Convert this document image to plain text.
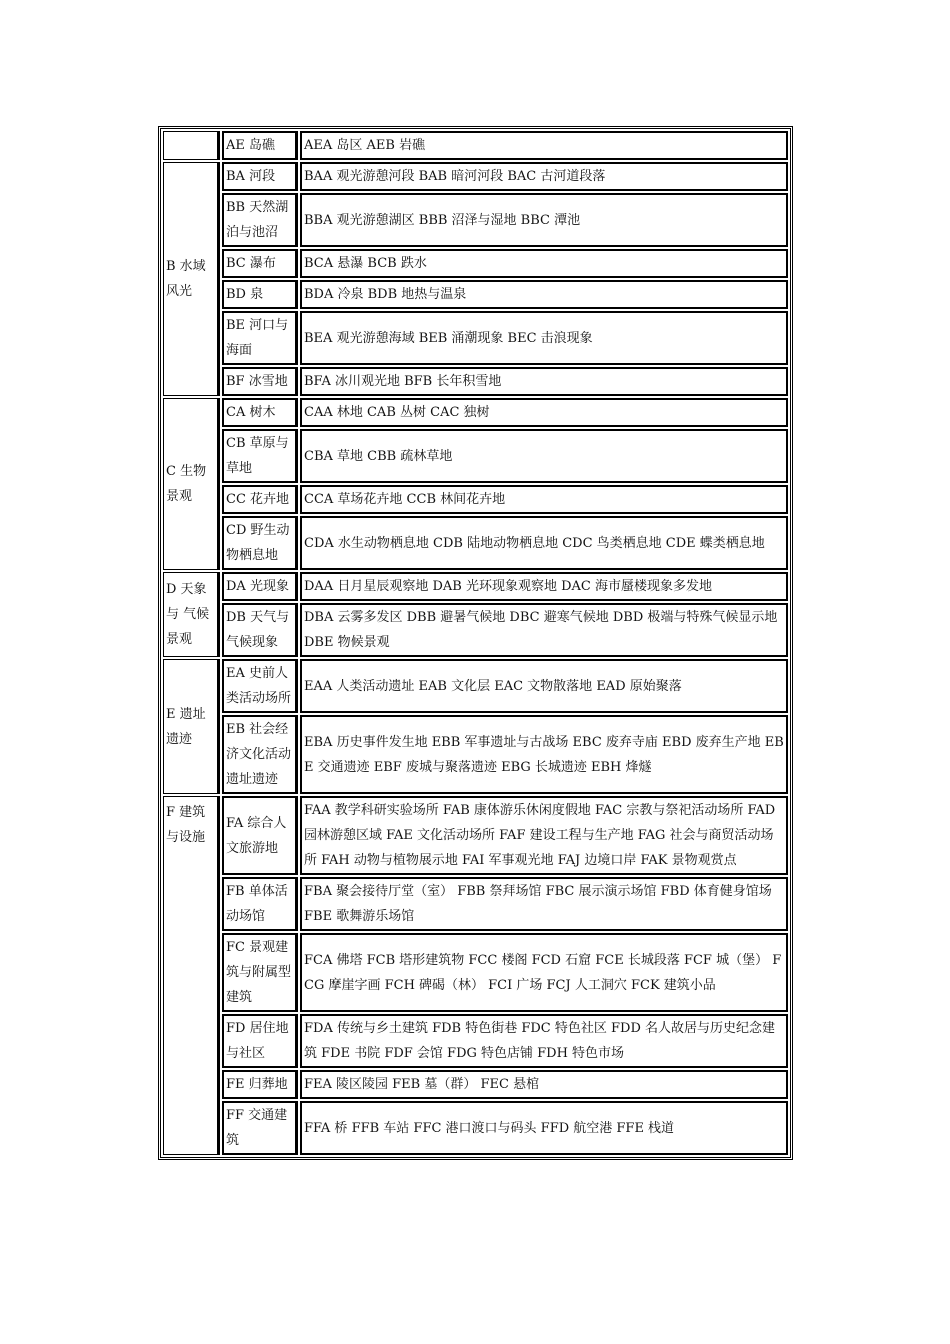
	AE 岛礁	AEA 岛区 AEB 岩礁
B 水域风光	BA 河段	BAA 观光游憩河段 BAB 暗河河段 BAC 古河道段落
	BB 天然湖泊与池沼	BBA 观光游憩湖区 BBB 沼泽与湿地 BBC 潭池
	BC 瀑布	BCA 悬瀑 BCB 跌水
	BD 泉	BDA 冷泉 BDB 地热与温泉
	BE 河口与海面	BEA 观光游憩海域 BEB 涌潮现象 BEC 击浪现象
	BF 冰雪地	BFA 冰川观光地 BFB 长年积雪地
C 生物景观	CA 树木	CAA 林地 CAB 丛树 CAC 独树
	CB 草原与草地	CBA 草地 CBB 疏林草地
	CC 花卉地	CCA 草场花卉地 CCB 林间花卉地
	CD 野生动物栖息地	CDA 水生动物栖息地 CDB 陆地动物栖息地 CDC 鸟类栖息地 CDE 蝶类栖息地
D 天象与 气候景观	DA 光现象	DAA 日月星辰观察地 DAB 光环现象观察地 DAC 海市蜃楼现象多发地
	DB 天气与气候现象	DBA 云雾多发区 DBB 避暑气候地 DBC 避寒气候地 DBD 极端与特殊气候显示地 DBE 物候景观
E 遗址遗迹	EA 史前人类活动场所	EAA 人类活动遗址 EAB 文化层 EAC 文物散落地 EAD 原始聚落
	EB 社会经济文化活动遗址遗迹	EBA 历史事件发生地 EBB 军事遗址与古战场 EBC 废弃寺庙 EBD 废弃生产地 EBE 交通遗迹 EBF 废城与聚落遗迹 EBG 长城遗迹 EBH 烽燧
F 建筑与设施	FA 综合人文旅游地	FAA 教学科研实验场所 FAB 康体游乐休闲度假地 FAC 宗教与祭祀活动场所 FAD 园林游憩区域 FAE 文化活动场所 FAF 建设工程与生产地 FAG 社会与商贸活动场所 FAH 动物与植物展示地 FAI 军事观光地 FAJ 边境口岸 FAK 景物观赏点
	FB 单体活动场馆	FBA 聚会接待厅堂（室） FBB 祭拜场馆 FBC 展示演示场馆 FBD 体育健身馆场 FBE 歌舞游乐场馆
	FC 景观建筑与附属型建筑	FCA 佛塔 FCB 塔形建筑物 FCC 楼阁 FCD 石窟 FCE 长城段落 FCF 城（堡） FCG 摩崖字画 FCH 碑碣（林） FCI 广场 FCJ 人工洞穴 FCK 建筑小品
	FD 居住地与社区	FDA 传统与乡土建筑 FDB 特色街巷 FDC 特色社区 FDD 名人故居与历史纪念建筑 FDE 书院 FDF 会馆 FDG 特色店铺 FDH 特色市场
	FE 归葬地	FEA 陵区陵园 FEB 墓（群） FEC 悬棺
	FF 交通建筑	FFA 桥 FFB 车站 FFC 港口渡口与码头 FFD 航空港 FFE 栈道
